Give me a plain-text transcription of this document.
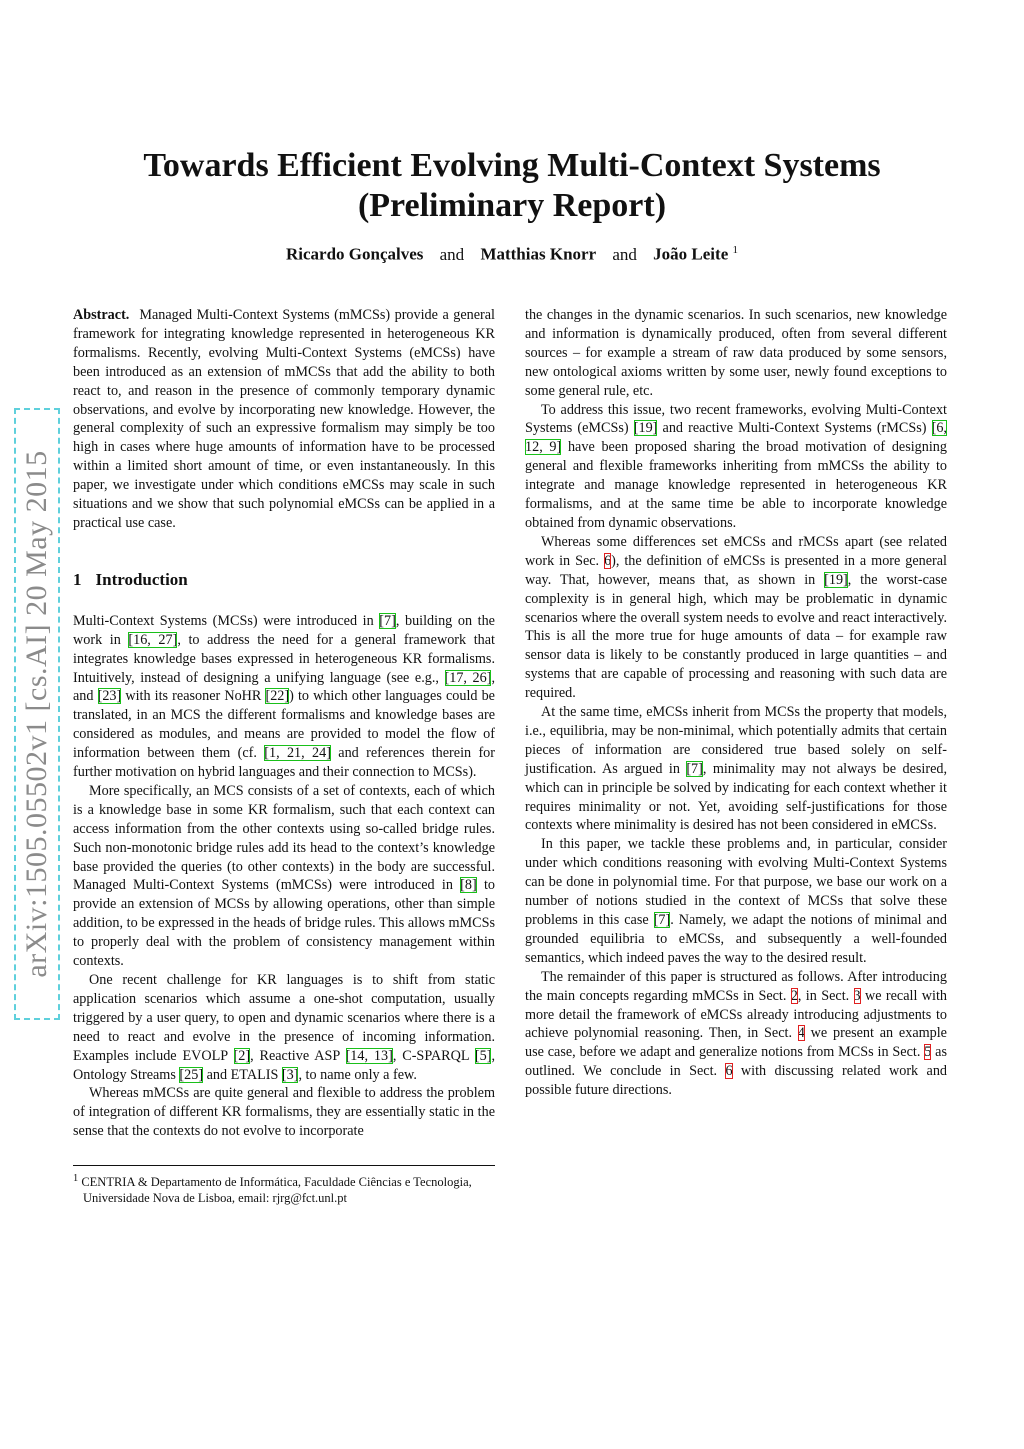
arXiv:1505.05502v1 [cs.AI] 20 May 2015
Towards Efficient Evolving Multi-Context Systems
(Preliminary Report)
Ricardo Gonçalves and Matthias Knorr and João Leite $^1$

Abstract. Managed Multi-Context Systems (mMCSs) provide a general framework for integrating knowledge represented in heterogeneous KR formalisms. Recently, evolving Multi-Context Systems (eMCSs) have been introduced as an extension of mMCSs that add the ability to both react to, and reason in the presence of commonly temporary dynamic observations, and evolve by incorporating new knowledge. However, the general complexity of such an expressive formalism may simply be too high in cases where huge amounts of information have to be processed within a limited short amount of time, or even instantaneously. In this paper, we investigate under which conditions eMCSs may scale in such situations and we show that such polynomial eMCSs can be applied in a practical use case.

1 Introduction

Multi-Context Systems (MCSs) were introduced in [7], building on the work in [16, 27], to address the need for a general framework that integrates knowledge bases expressed in heterogeneous KR formalisms. Intuitively, instead of designing a unifying language (see e.g., [17, 26], and [23] with its reasoner NoHR [22]) to which other languages could be translated, in an MCS the different formalisms and knowledge bases are considered as modules, and means are provided to model the flow of information between them (cf. [1, 21, 24] and references therein for further motivation on hybrid languages and their connection to MCSs).

More specifically, an MCS consists of a set of contexts, each of which is a knowledge base in some KR formalism, such that each context can access information from the other contexts using so-called bridge rules. Such non-monotonic bridge rules add its head to the context’s knowledge base provided the queries (to other contexts) in the body are successful. Managed Multi-Context Systems (mMCSs) were introduced in [8] to provide an extension of MCSs by allowing operations, other than simple addition, to be expressed in the heads of bridge rules. This allows mMCSs to properly deal with the problem of consistency management within contexts.

One recent challenge for KR languages is to shift from static application scenarios which assume a one-shot computation, usually triggered by a user query, to open and dynamic scenarios where there is a need to react and evolve in the presence of incoming information. Examples include EVOLP [2], Reactive ASP [14, 13], C-SPARQL [5], Ontology Streams [25] and ETALIS [3], to name only a few.

Whereas mMCSs are quite general and flexible to address the problem of integration of different KR formalisms, they are essentially static in the sense that the contexts do not evolve to incorporate

$^1$ CENTRIA & Departamento de Informática, Faculdade Ciências e Tecnologia, Universidade Nova de Lisboa, email: rjrg@fct.unl.pt

the changes in the dynamic scenarios. In such scenarios, new knowledge and information is dynamically produced, often from several different sources – for example a stream of raw data produced by some sensors, new ontological axioms written by some user, newly found exceptions to some general rule, etc.

To address this issue, two recent frameworks, evolving Multi-Context Systems (eMCSs) [19] and reactive Multi-Context Systems (rMCSs) [6, 12, 9] have been proposed sharing the broad motivation of designing general and flexible frameworks inheriting from mMCSs the ability to integrate and manage knowledge represented in heterogeneous KR formalisms, and at the same time be able to incorporate knowledge obtained from dynamic observations.

Whereas some differences set eMCSs and rMCSs apart (see related work in Sec. 6), the definition of eMCSs is presented in a more general way. That, however, means that, as shown in [19], the worst-case complexity is in general high, which may be problematic in dynamic scenarios where the overall system needs to evolve and react interactively. This is all the more true for huge amounts of data – for example raw sensor data is likely to be constantly produced in large quantities – and systems that are capable of processing and reasoning with such data are required.

At the same time, eMCSs inherit from MCSs the property that models, i.e., equilibria, may be non-minimal, which potentially admits that certain pieces of information are considered true based solely on self-justification. As argued in [7], minimality may not always be desired, which can in principle be solved by indicating for each context whether it requires minimality or not. Yet, avoiding self-justifications for those contexts where minimality is desired has not been considered in eMCSs.

In this paper, we tackle these problems and, in particular, consider under which conditions reasoning with evolving Multi-Context Systems can be done in polynomial time. For that purpose, we base our work on a number of notions studied in the context of MCSs that solve these problems in this case [7]. Namely, we adapt the notions of minimal and grounded equilibria to eMCSs, and subsequently a well-founded semantics, which indeed paves the way to the desired result.

The remainder of this paper is structured as follows. After introducing the main concepts regarding mMCSs in Sect. 2, in Sect. 3 we recall with more detail the framework of eMCSs already introducing adjustments to achieve polynomial reasoning. Then, in Sect. 4 we present an example use case, before we adapt and generalize notions from MCSs in Sect. 5 as outlined. We conclude in Sect. 6 with discussing related work and possible future directions.
